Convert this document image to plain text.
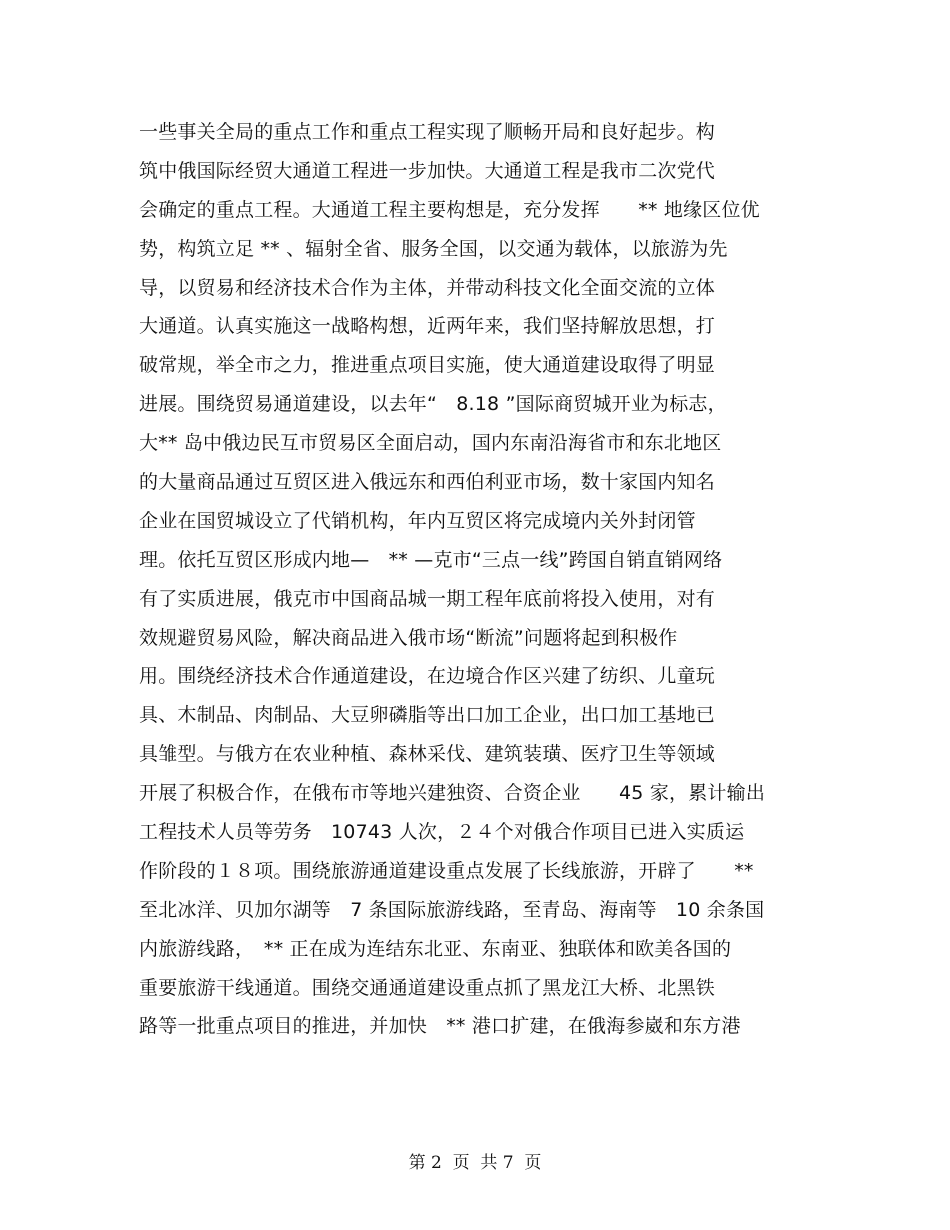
一些事关全局的重点工作和重点工程实现了顺畅开局和良好起步。构
筑中俄国际经贸大通道工程进一步加快。大通道工程是我市二次党代
会确定的重点工程。大通道工程主要构想是，充分发挥　　** 地缘区位优
势，构筑立足 ** 、辐射全省、服务全国，以交通为载体，以旅游为先
导，以贸易和经济技术合作为主体，并带动科技文化全面交流的立体
大通道。认真实施这一战略构想，近两年来，我们坚持解放思想，打
破常规，举全市之力，推进重点项目实施，使大通道建设取得了明显
进展。围绕贸易通道建设，以去年“　8.18 ”国际商贸城开业为标志，
大** 岛中俄边民互市贸易区全面启动，国内东南沿海省市和东北地区
的大量商品通过互贸区进入俄远东和西伯利亚市场，数十家国内知名
企业在国贸城设立了代销机构，年内互贸区将完成境内关外封闭管
理。依托互贸区形成内地—　** —克市“三点一线”跨国自销直销网络
有了实质进展，俄克市中国商品城一期工程年底前将投入使用，对有
效规避贸易风险，解决商品进入俄市场“断流”问题将起到积极作
用。围绕经济技术合作通道建设，在边境合作区兴建了纺织、儿童玩
具、木制品、肉制品、大豆卵磷脂等出口加工企业，出口加工基地已
具雏型。与俄方在农业种植、森林采伐、建筑装璜、医疗卫生等领域
开展了积极合作，在俄布市等地兴建独资、合资企业　　45 家，累计输出
工程技术人员等劳务　10743 人次，２４个对俄合作项目已进入实质运
作阶段的１８项。围绕旅游通道建设重点发展了长线旅游，开辟了　　**
至北冰洋、贝加尔湖等　7 条国际旅游线路，至青岛、海南等　10 余条国
内旅游线路，　** 正在成为连结东北亚、东南亚、独联体和欧美各国的
重要旅游干线通道。围绕交通通道建设重点抓了黑龙江大桥、北黑铁
路等一批重点项目的推进，并加快　** 港口扩建，在俄海参崴和东方港
第 2  页  共 7  页
